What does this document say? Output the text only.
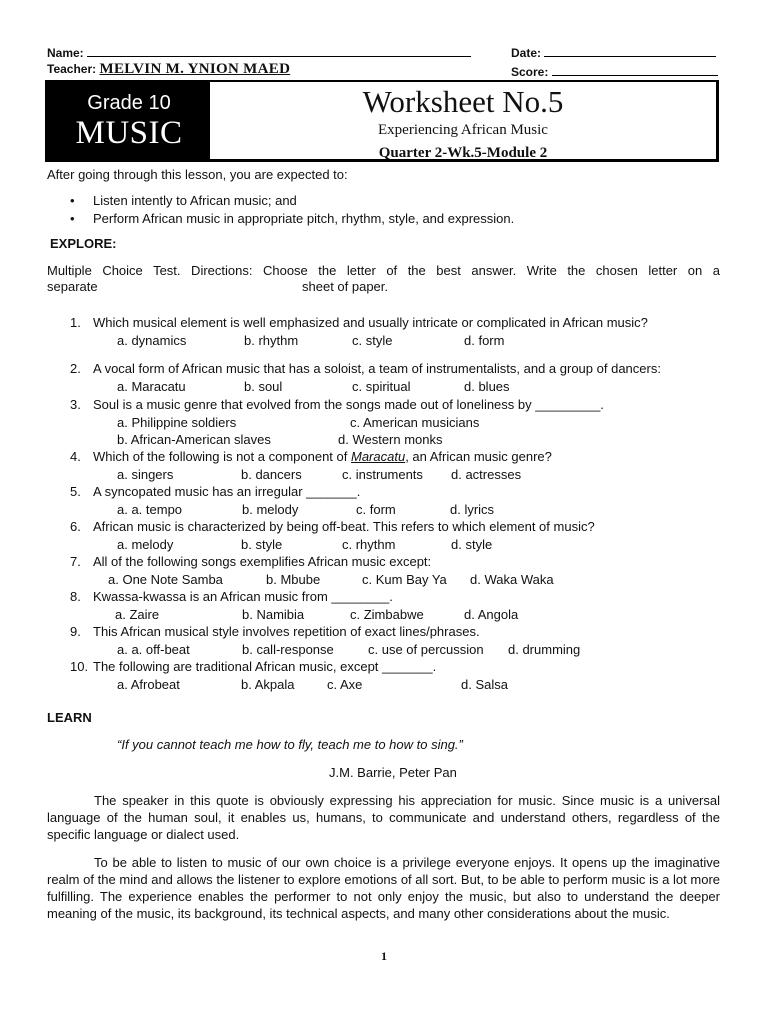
Name:	Date:
Teacher: MELVIN M. YNION MAED	Score:
Grade 10
MUSIC
Worksheet No.5
Experiencing African Music
Quarter 2-Wk.5-Module 2
After going through this lesson, you are expected to:
• Listen intently to African music; and
• Perform African music in appropriate pitch, rhythm, style, and expression.
EXPLORE:
Multiple Choice Test. Directions: Choose the letter of the best answer. Write the chosen letter on a
separate	sheet of paper.
1. Which musical element is well emphasized and usually intricate or complicated in African music?
a. dynamics	b. rhythm	c. style	d. form
2. A vocal form of African music that has a soloist, a team of instrumentalists, and a group of dancers:
a. Maracatu	b. soul	c. spiritual	d. blues
3. Soul is a music genre that evolved from the songs made out of loneliness by _________.
a. Philippine soldiers	c. American musicians
b. African-American slaves	d. Western monks
4. Which of the following is not a component of Maracatu, an African music genre?
a. singers	b. dancers	c. instruments d. actresses
5. A syncopated music has an irregular _______.
a. a. tempo	b. melody	c. form	d. lyrics
6. African music is characterized by being off-beat. This refers to which element of music?
a. melody	b. style	c. rhythm	d. style
7. All of the following songs exemplifies African music except:
a. One Note Samba	b. Mbube	c. Kum Bay Ya d. Waka Waka
8. Kwassa-kwassa is an African music from ________.
a. Zaire	b. Namibia	c. Zimbabwe	d. Angola
9. This African musical style involves repetition of exact lines/phrases.
a. a. off-beat	b. call-response	c. use of percussion d. drumming
10. The following are traditional African music, except _______.
a. Afrobeat	b. Akpala	c. Axe	d. Salsa
LEARN
“If you cannot teach me how to fly, teach me to how to sing.”
J.M. Barrie, Peter Pan
The speaker in this quote is obviously expressing his appreciation for music. Since music is a universal language of the human soul, it enables us, humans, to communicate and understand others, regardless of the specific language or dialect used.
To be able to listen to music of our own choice is a privilege everyone enjoys. It opens up the imaginative realm of the mind and allows the listener to explore emotions of all sort. But, to be able to perform music is a lot more fulfilling. The experience enables the performer to not only enjoy the music, but also to understand the deeper meaning of the music, its background, its technical aspects, and many other considerations about the music.
1
